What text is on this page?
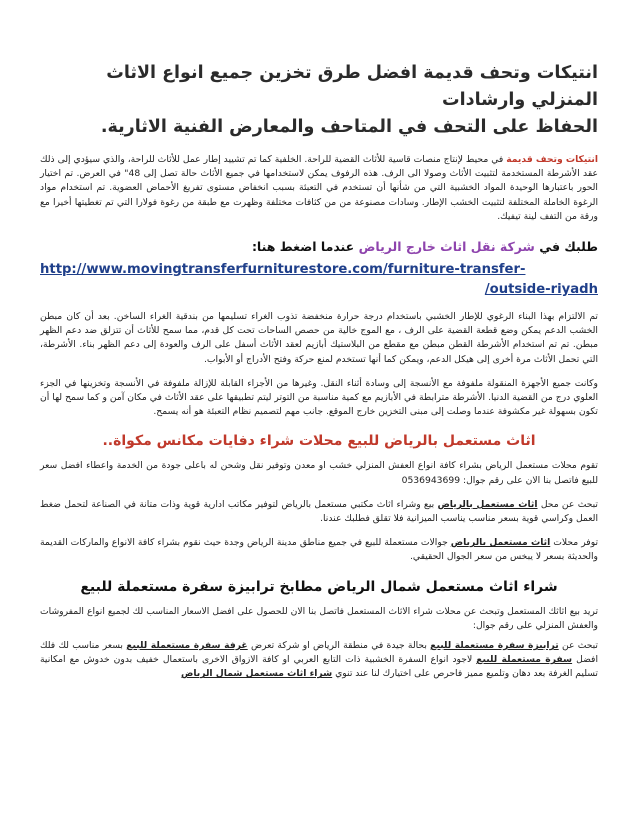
انتيكات وتحف قديمة افضل طرق تخزين جميع انواع الاثاث المنزلي وارشادات
الحفاظ على التحف في المتاحف والمعارض الفنية الاثارية.

انتيكات وتحف قديمة في محيط لإنتاج منصات قاسية للأثاث القضية للراحة. الخلفية كما تم تشييد إطار عمل للأثاث للراحة، والذي سيؤدي إلى ذلك عقد الأشرطة المستخدمة لتثبيت الأثاث وصولا الى الرف. هذه الرفوف يمكن لاستخدامها في جميع الأثاث حالة تصل إلى 48" في العرض. تم اختيار الحور باعتبارها الوحيدة المواد الخشبية التي من شأنها أن تستخدم في التعبئة بسبب انخفاض مستوى تفريغ الأحماض العضوية. تم استخدام مواد الرغوة الخاملة المختلفة لتثبيت الخشب الإطار. وسادات مصنوعة من من كثافات مختلفة وظهرت مع طبقة من رغوة فولارا التي تم تغطيتها أخيرا مع ورقة من التفف لينة تيفيك.

طلبك في شركة نقل اثاث خارج الرياض عندما اضغط هنا:
http://www.movingtransferfurniturestore.com/furniture-transfer-
/outside-riyadh

تم الالتزام بهذا البناء الرغوي للإطار الخشبي باستخدام درجة حرارة منخفضة تذوب الغراء تسليمها من بندقية الغراء الساخن. بعد أن كان مبطن الخشب الدعم يمكن وضع قطعة القضية على الرف ، مع الموج خالية من حصص الساحات تحت كل قدم، مما سمح للأثاث أن تتزلق ضد دعم الظهر مبطن. تم تم استخدام الأشرطة القطن مبطن مع مقطع من البلاستيك أبازيم لعقد الأثاث أسفل على الرف والعودة إلى دعم الظهر بناء. الأشرطة، التي تحمل الأثاث مرة أخرى إلى هيكل الدعم، ويمكن كما أنها تستخدم لمنع حركة وفتح الأدراج أو الأبواب.

وكانت جميع الأجهزة المنقولة ملفوفة مع الأنسجة إلى وسادة أثناء النقل. وغيرها من الأجزاء القابلة للإزالة ملفوفة في الأنسجة وتخزينها في الجزء العلوي درج من القضية الدنيا. الأشرطة مترابطة في الأبازيم مع كمية مناسبة من التوتر ليتم تطبيقها على عقد الأثاث في مكان آمن و كما سمح لها أن تكون بسهولة غير مكشوفة عندما وصلت إلى مبنى التخزين خارج الموقع. جانب مهم لتصميم نظام التعبئة هو أنه يسمح.

اثاث مستعمل بالرياض للبيع محلات شراء دفايات مكانس مكواة..

تقوم محلات مستعمل الرياض بشراء كافة انواع العفش المنزلي خشب او معدن وتوفير نقل وشحن له باعلى جودة من الخدمة واعطاء افضل سعر للبيع فاتصل بنا الان على رقم جوال: 0536943699

تبحث عن محل اثاث مستعمل بالرياض بيع وشراء اثاث مكتبي مستعمل بالرياض لتوفير مكاتب ادارية قوية وذات متانة في الصناعة لتحمل ضغط العمل وكراسي قوية بسعر مناسب يناسب الميزانية فلا تقلق فطلبك عندنا.

توفر محلات اثاث مستعمل بالرياض جوالات مستعملة للبيع في جميع مناطق مدينة الرياض وجدة حيث نقوم بشراء كافة الانواع والماركات القديمة والحديثة بسعر لا يبخس من سعر الجوال الحقيقي.

شراء اثاث مستعمل شمال الرياض مطابخ ترابيزة سفرة مستعملة للبيع

تريد بيع اثاثك المستعمل وتبحث عن محلات شراء الاثاث المستعمل فاتصل بنا الان للحصول على افضل الاسعار المناسب لك لجميع انواع المفروشات والعفش المنزلي على رقم جوال:

تبحث عن ترابيزة سفرة مستعملة للبيع بحالة جيدة في منطقة الرياض او شركة تعرض غرفة سفرة مستعملة للبيع بسعر مناسب لك فلك افضل سفرة مستعملة للبيع لاجود انواع السفرة الخشبية ذات التابع العربي او كافة الازواق الاخرى باستعمال خفيف بدون خدوش مع امكانية تسليم الغرفة بعد دهان وتلميع مميز فاحرص على اختيارك لنا عند تنوي شراء اثاث مستعمل شمال الرياض
